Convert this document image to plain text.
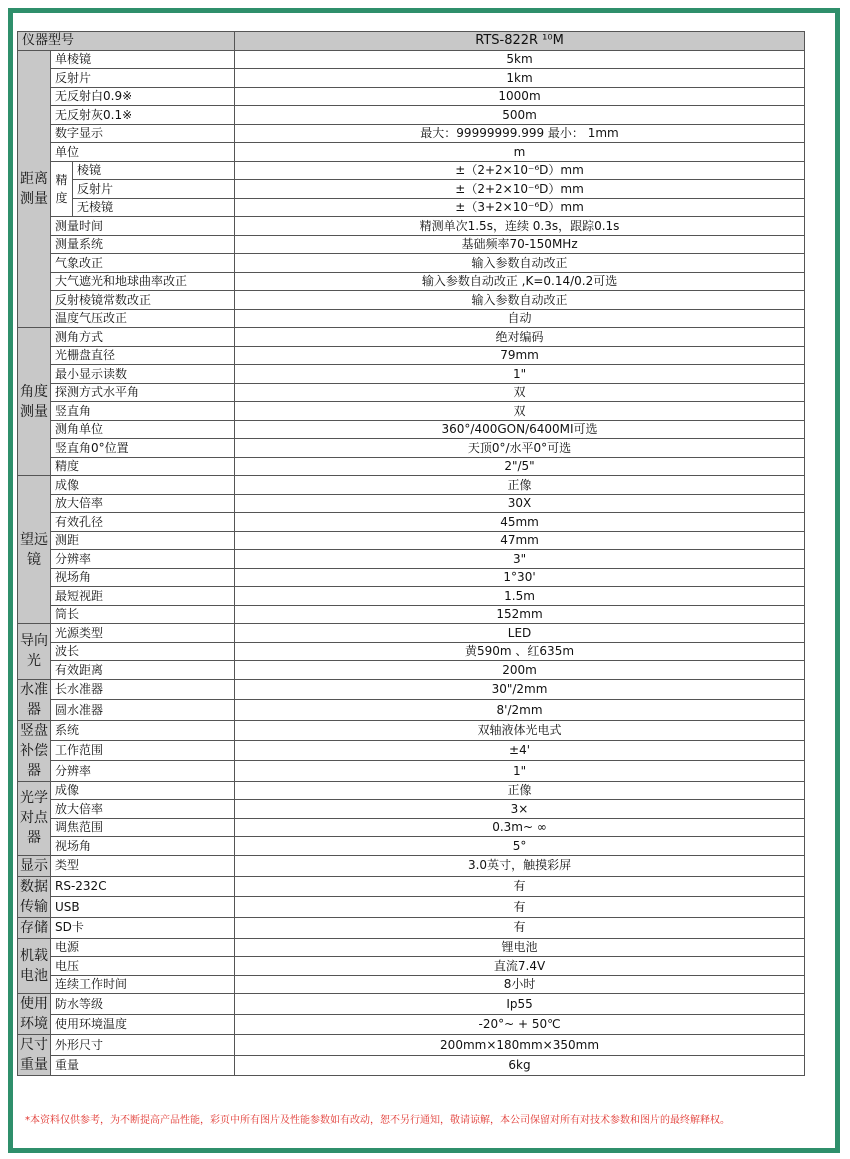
仪器型号			RTS-822R ¹⁰M
距离测量	单棱镜		5km
	反射片		1km
	无反射白0.9※		1000m
	无反射灰0.1※		500m
	数字显示		最大：99999999.999 最小： 1mm
	单位		m
	精度	棱镜	±（2+2×10⁻⁶D）mm
		反射片	±（2+2×10⁻⁶D）mm
		无棱镜	±（3+2×10⁻⁶D）mm
	测量时间		精测单次1.5s，连续 0.3s，跟踪0.1s
	测量系统		基础频率70-150MHz
	气象改正		输入参数自动改正
	大气遮光和地球曲率改正		输入参数自动改正 ,K=0.14/0.2可选
	反射棱镜常数改正		输入参数自动改正
	温度气压改正		自动
角度测量	测角方式		绝对编码
	光栅盘直径		79mm
	最小显示读数		1"
	探测方式水平角		双
	竖直角		双
	测角单位		360°/400GON/6400MI可选
	竖直角0°位置		天顶0°/水平0°可选
	精度		2"/5"
望远镜	成像		正像
	放大倍率		30X
	有效孔径		45mm
	测距		47mm
	分辨率		3"
	视场角		1°30'
	最短视距		1.5m
	筒长		152mm
导向光	光源类型		LED
	波长		黄590m 、红635m
	有效距离		200m
水准器	长水准器		30"/2mm
	圆水准器		8'/2mm
竖盘补偿器	系统		双轴液体光电式
	工作范围		±4'
	分辨率		1"
光学对点器	成像		正像
	放大倍率		3×
	调焦范围		0.3m~ ∞
	视场角		5°
显示	类型		3.0英寸，触摸彩屏
数据传输	RS-232C		有
	USB		有
存储	SD卡		有
机载电池	电源		锂电池
	电压		直流7.4V
	连续工作时间		8小时
使用环境	防水等级		Ip55
	使用环境温度		-20°~ + 50℃
尺寸重量	外形尺寸		200mm×180mm×350mm
	重量		6kg
*本资料仅供参考，为不断提高产品性能，彩页中所有图片及性能参数如有改动，恕不另行通知，敬请谅解，本公司保留对所有对技术参数和图片的最终解释权。
